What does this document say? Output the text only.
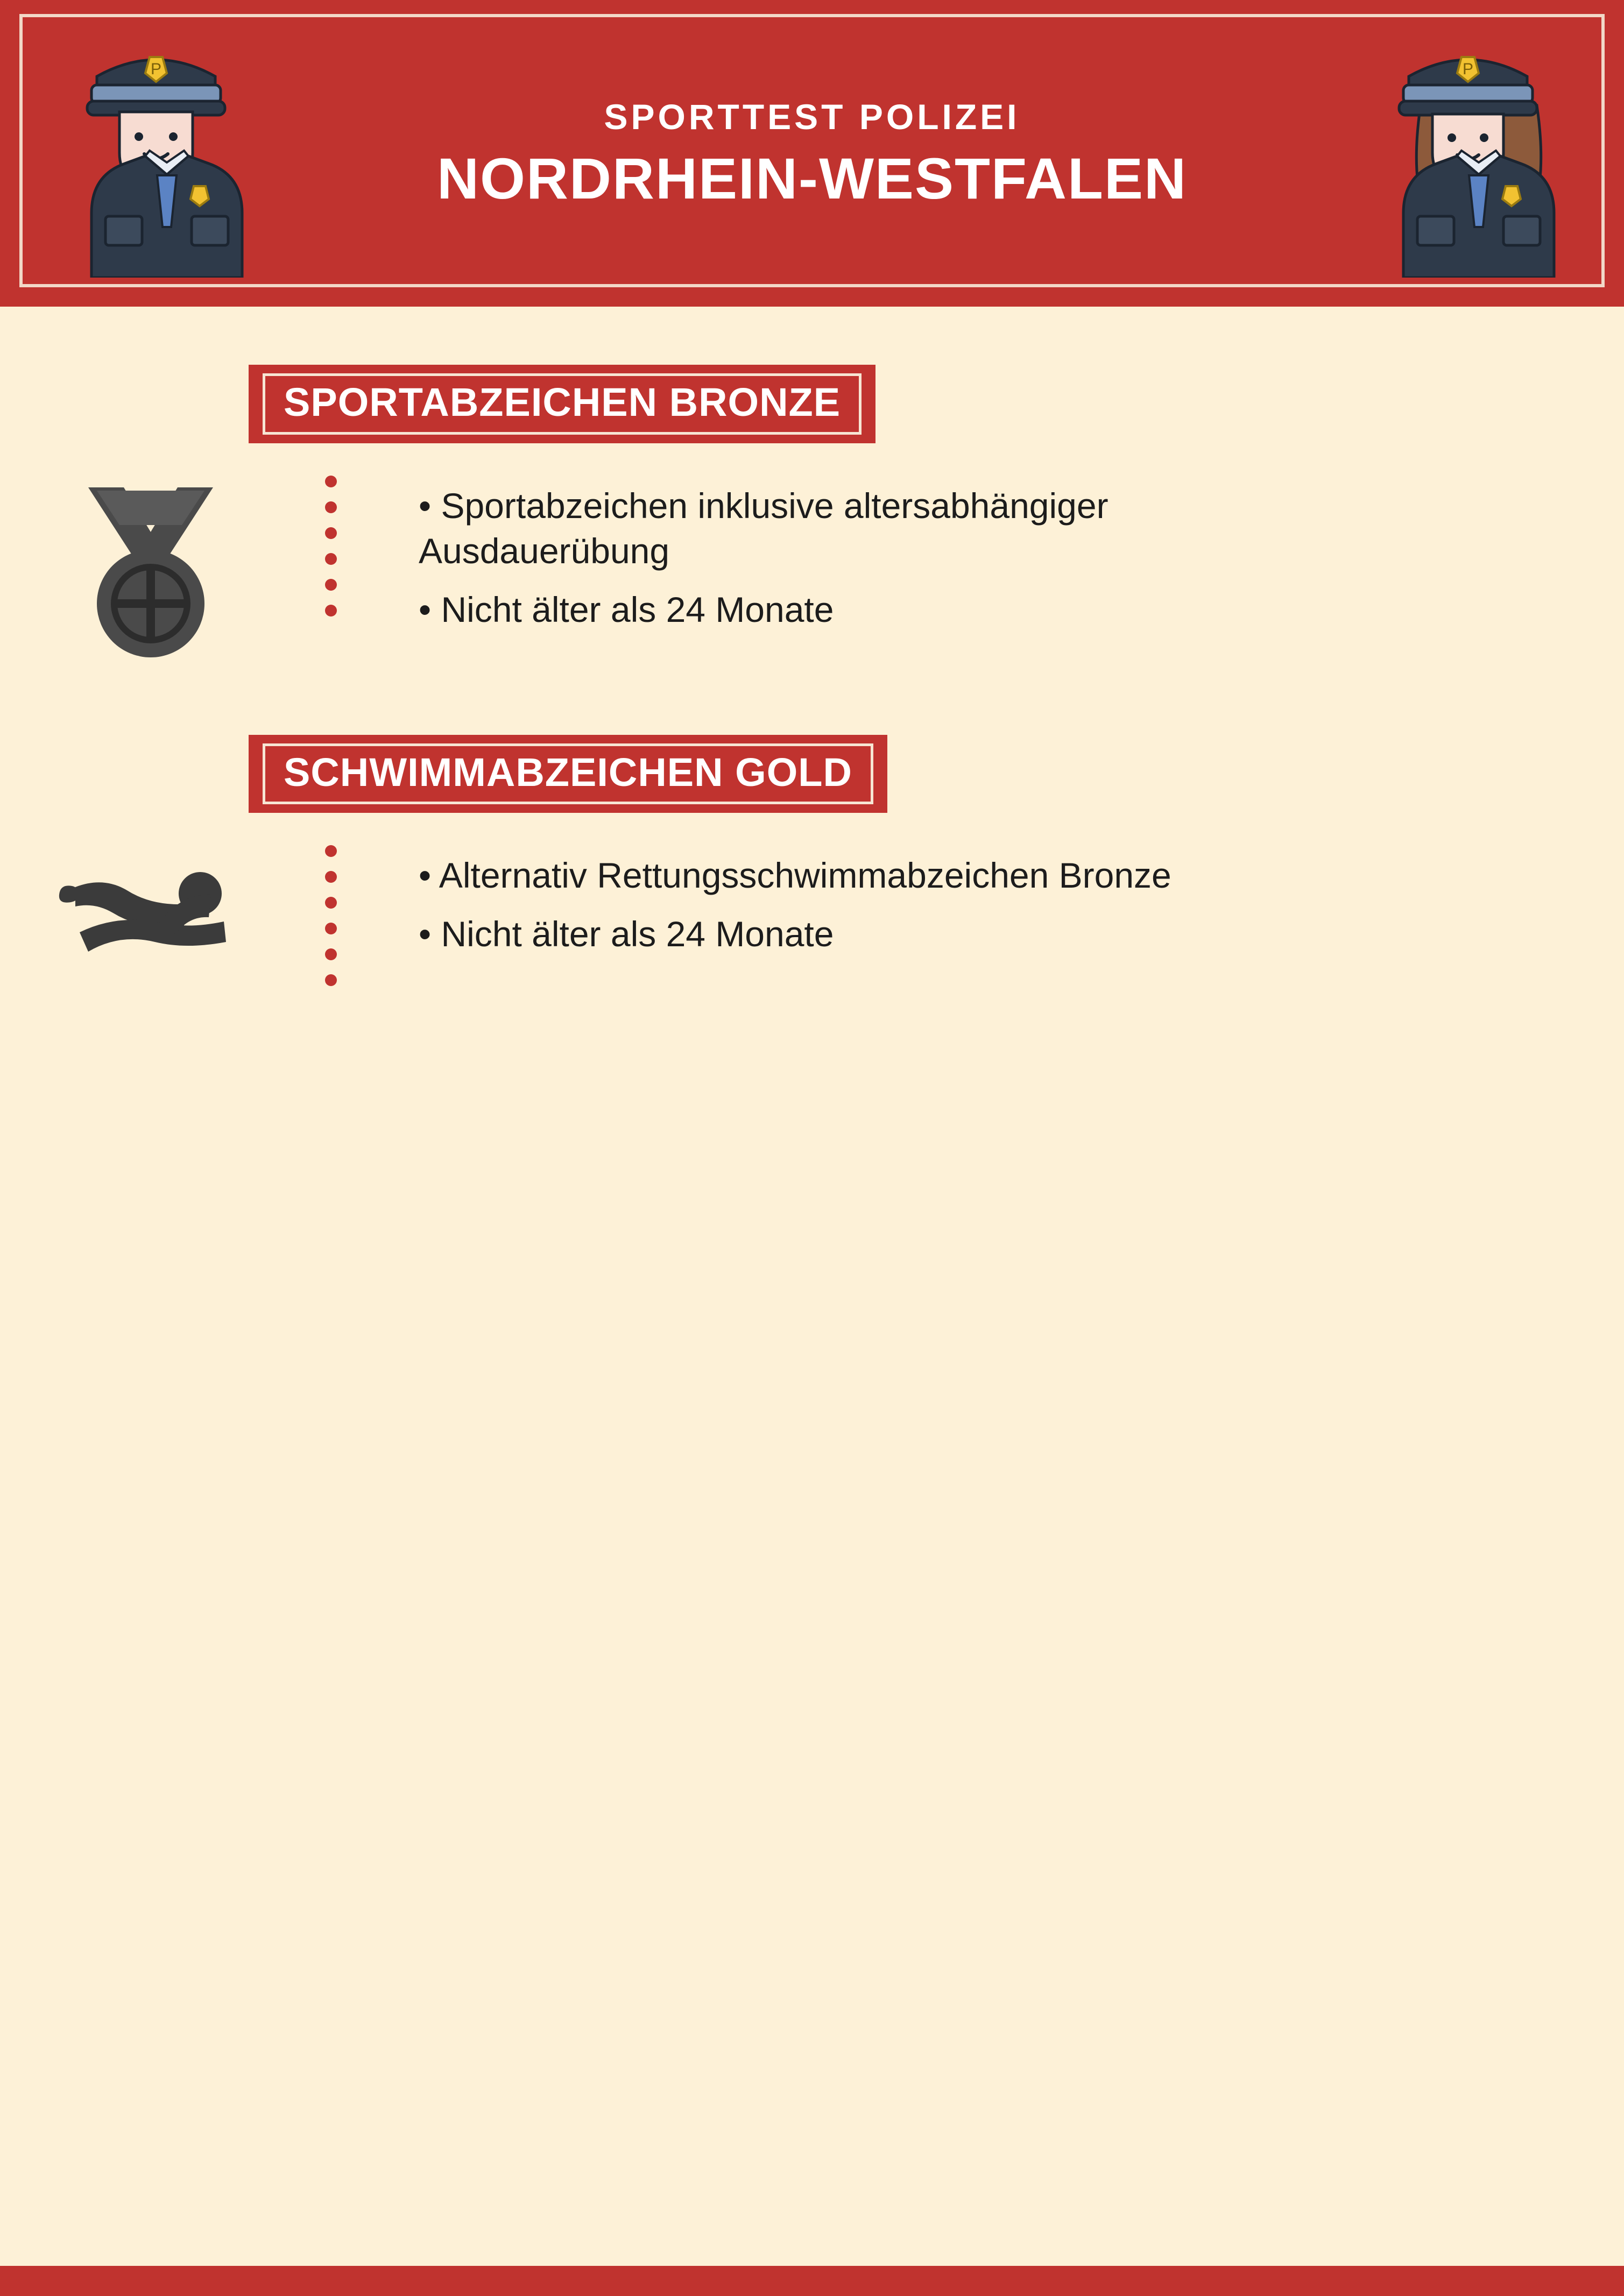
P	P
SPORTTEST POLIZEI
NORDRHEIN-WESTFALEN
SPORTABZEICHEN BRONZE
• Sportabzeichen inklusive altersabhängiger Ausdauerübung
• Nicht älter als 24 Monate
SCHWIMMABZEICHEN GOLD
• Alternativ Rettungsschwimmabzeichen Bronze
• Nicht älter als 24 Monate
